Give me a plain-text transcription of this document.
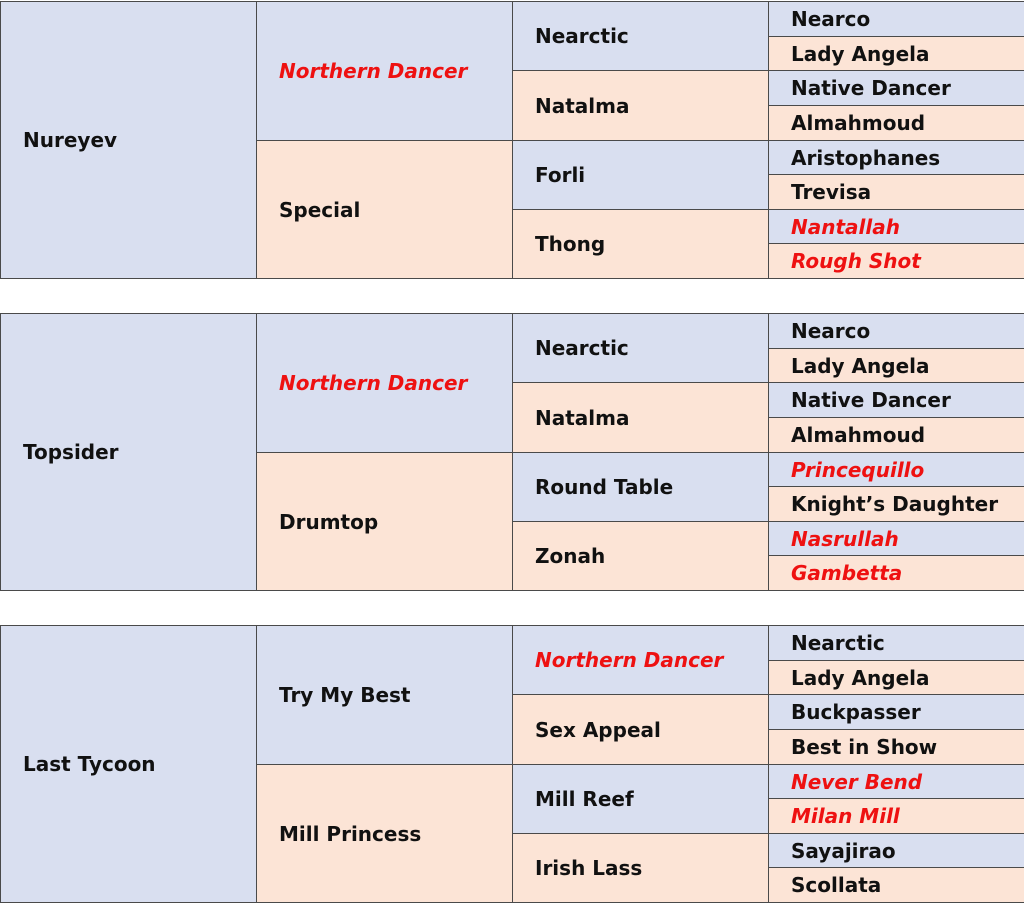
Nureyev
Northern Dancer
Special
Nearctic
Natalma
Forli
Thong
Nearco
Lady Angela
Native Dancer
Almahmoud
Aristophanes
Trevisa
Nantallah
Rough Shot
Topsider
Northern Dancer
Drumtop
Nearctic
Natalma
Round Table
Zonah
Nearco
Lady Angela
Native Dancer
Almahmoud
Princequillo
Knight’s Daughter
Nasrullah
Gambetta
Last Tycoon
Try My Best
Mill Princess
Northern Dancer
Sex Appeal
Mill Reef
Irish Lass
Nearctic
Lady Angela
Buckpasser
Best in Show
Never Bend
Milan Mill
Sayajirao
Scollata
